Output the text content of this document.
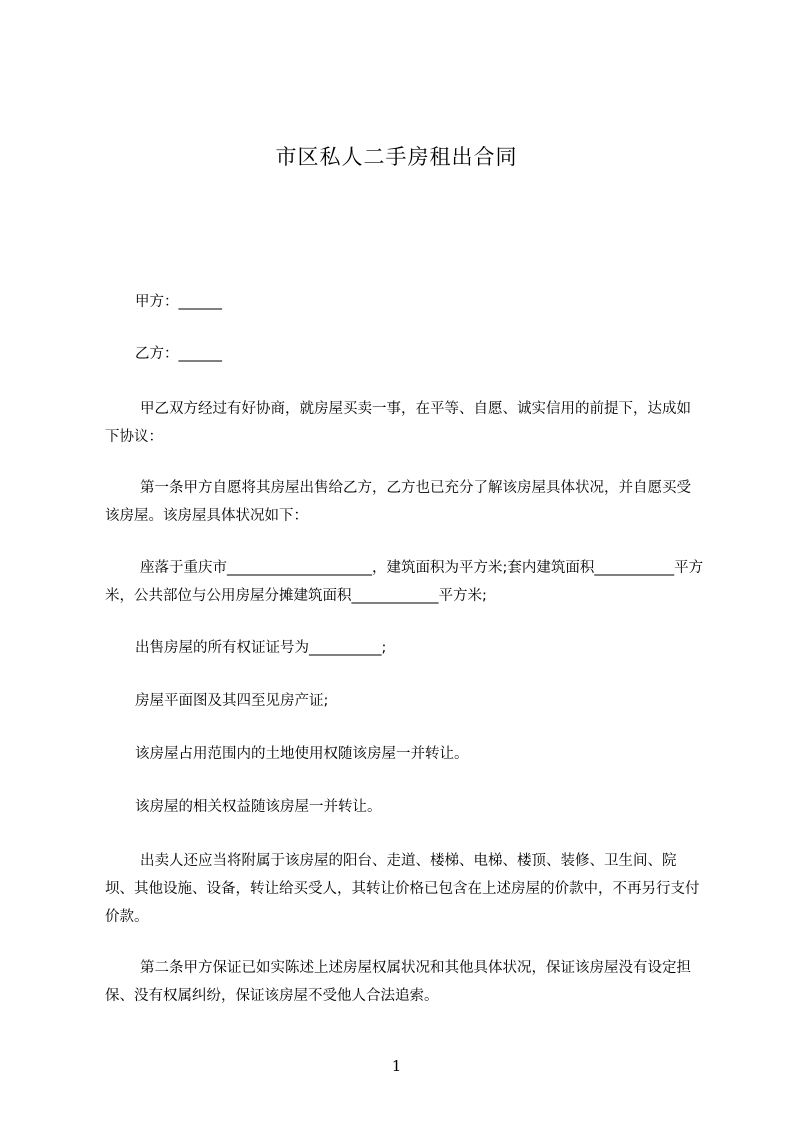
市区私人二手房租出合同

甲方：______

乙方：______

甲乙双方经过有好协商，就房屋买卖一事，在平等、自愿、诚实信用的前提下，达成如下协议：

第一条甲方自愿将其房屋出售给乙方，乙方也已充分了解该房屋具体状况，并自愿买受该房屋。该房屋具体状况如下：

座落于重庆市____________________，建筑面积为平方米;套内建筑面积___________平方米，公共部位与公用房屋分摊建筑面积____________平方米;

出售房屋的所有权证证号为__________;

房屋平面图及其四至见房产证;

该房屋占用范围内的土地使用权随该房屋一并转让。

该房屋的相关权益随该房屋一并转让。

出卖人还应当将附属于该房屋的阳台、走道、楼梯、电梯、楼顶、装修、卫生间、院坝、其他设施、设备，转让给买受人，其转让价格已包含在上述房屋的价款中，不再另行支付价款。

第二条甲方保证已如实陈述上述房屋权属状况和其他具体状况，保证该房屋没有设定担保、没有权属纠纷，保证该房屋不受他人合法追索。

1
